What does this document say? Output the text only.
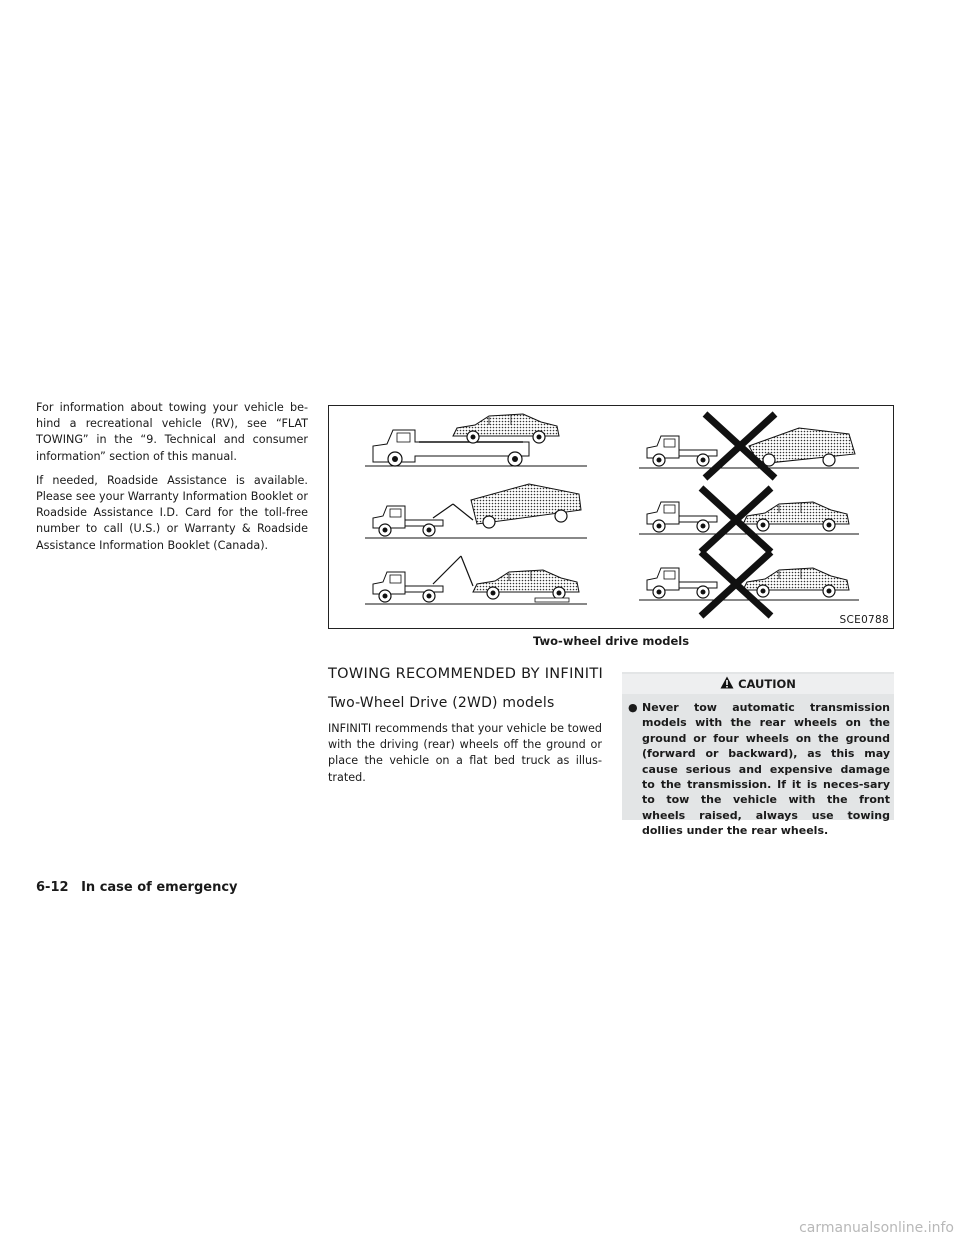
For information about towing your vehicle be-hind a recreational vehicle (RV), see “FLAT TOWING” in the “9. Technical and consumer information” section of this manual.

If needed, Roadside Assistance is available. Please see your Warranty Information Booklet or Roadside Assistance I.D. Card for the toll-free number to call (U.S.) or Warranty & Roadside Assistance Information Booklet (Canada).

SCE0788
Two-wheel drive models
TOWING RECOMMENDED BY INFINITI
Two-Wheel Drive (2WD) models
INFINITI recommends that your vehicle be towed with the driving (rear) wheels off the ground or place the vehicle on a flat bed truck as illus-trated.
CAUTION
● Never tow automatic transmission models with the rear wheels on the ground or four wheels on the ground (forward or backward), as this may cause serious and expensive damage to the transmission. If it is neces-sary to tow the vehicle with the front wheels raised, always use towing dollies under the rear wheels.
6-12 In case of emergency
carmanualsonline.info
